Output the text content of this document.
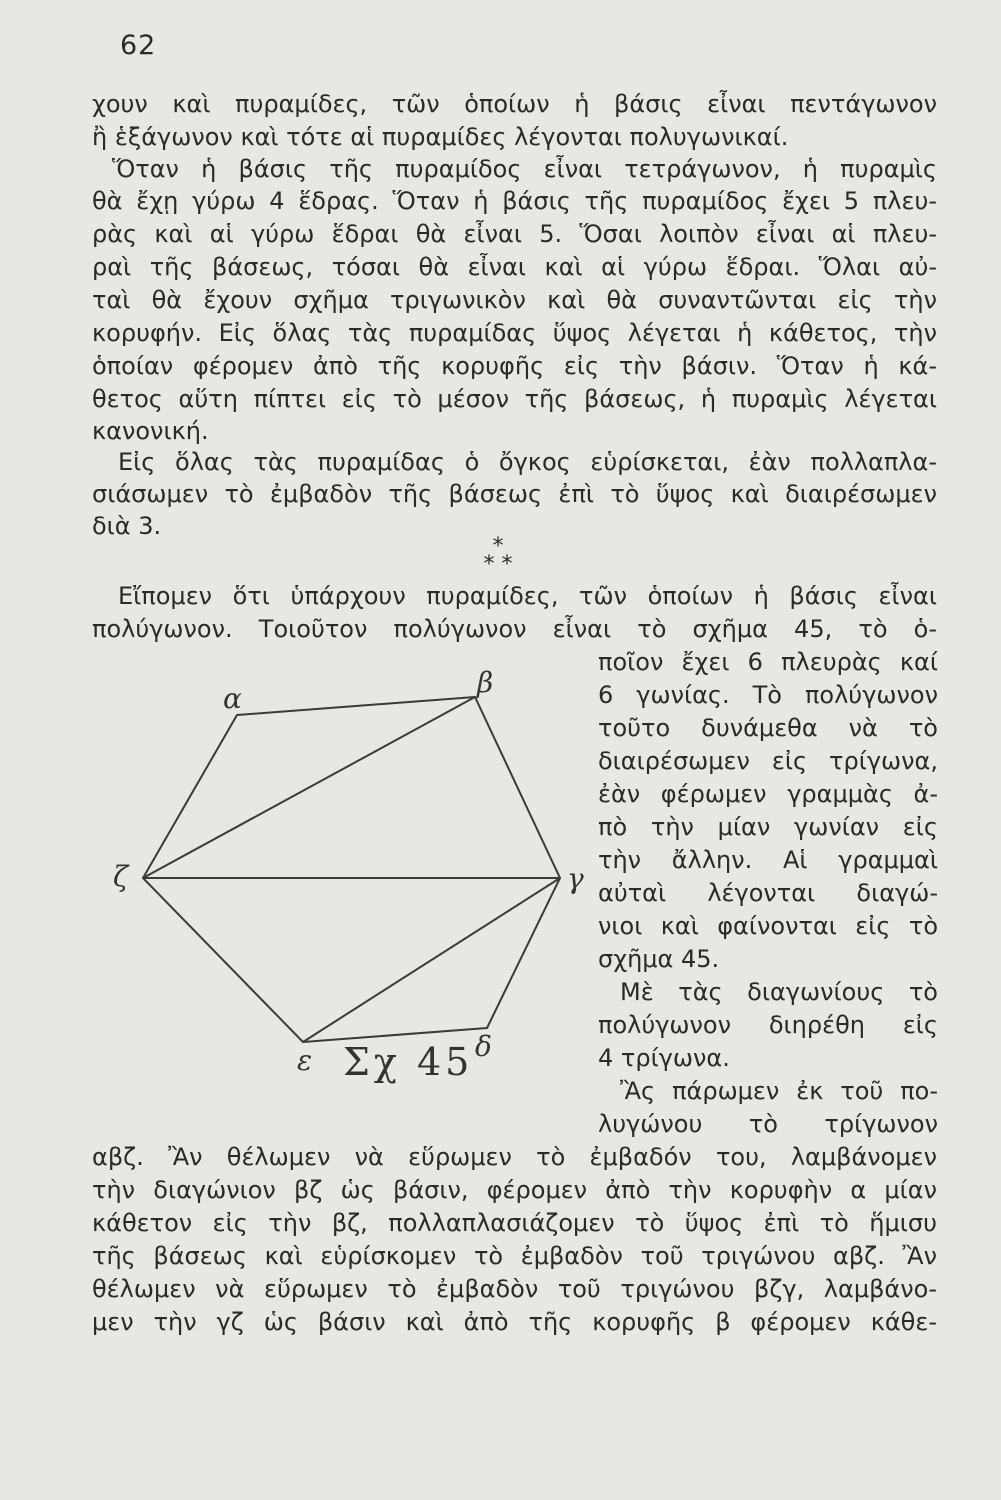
62
χουν καὶ πυραμίδες, τῶν ὁποίων ἡ βάσις εἶναι πεντάγωνον
ἢ ἑξάγωνον καὶ τότε αἱ πυραμίδες λέγονται πολυγωνικαί.
Ὅταν ἡ βάσις τῆς πυραμίδος εἶναι τετράγωνον, ἡ πυραμὶς
θὰ ἔχῃ γύρω 4 ἕδρας. Ὅταν ἡ βάσις τῆς πυραμίδος ἔχει 5 πλευ-
ρὰς καὶ αἱ γύρω ἕδραι θὰ εἶναι 5. Ὅσαι λοιπὸν εἶναι αἱ πλευ-
ραὶ τῆς βάσεως, τόσαι θὰ εἶναι καὶ αἱ γύρω ἕδραι. Ὅλαι αὐ-
ταὶ θὰ ἔχουν σχῆμα τριγωνικὸν καὶ θὰ συναντῶνται εἰς τὴν
κορυφήν. Εἰς ὅλας τὰς πυραμίδας ὕψος λέγεται ἡ κάθετος, τὴν
ὁποίαν φέρομεν ἀπὸ τῆς κορυφῆς εἰς τὴν βάσιν. Ὅταν ἡ κά-
θετος αὕτη πίπτει εἰς τὸ μέσον τῆς βάσεως, ἡ πυραμὶς λέγεται
κανονική.
Εἰς ὅλας τὰς πυραμίδας ὁ ὄγκος εὑρίσκεται, ἐὰν πολλαπλα-
σιάσωμεν τὸ ἐμβαδὸν τῆς βάσεως ἐπὶ τὸ ὕψος καὶ διαιρέσωμεν
διὰ 3.
*
* *
Εἴπομεν ὅτι ὑπάρχουν πυραμίδες, τῶν ὁποίων ἡ βάσις εἶναι
πολύγωνον. Τοιοῦτον πολύγωνον εἶναι τὸ σχῆμα 45, τὸ ὁ-
ποῖον ἔχει 6 πλευρὰς καί
6 γωνίας. Τὸ πολύγωνον
τοῦτο δυνάμεθα νὰ τὸ
διαιρέσωμεν εἰς τρίγωνα,
ἐὰν φέρωμεν γραμμὰς ἀ-
πὸ τὴν μίαν γωνίαν εἰς
τὴν ἄλλην. Αἱ γραμμαὶ
αὐταὶ λέγονται διαγώ-
νιοι καὶ φαίνονται εἰς τὸ
σχῆμα 45.
Μὲ τὰς διαγωνίους τὸ
πολύγωνον διηρέθη εἰς
4 τρίγωνα.
Ἂς πάρωμεν ἐκ τοῦ πο-
λυγώνου τὸ τρίγωνον
α	β
γ
δ
ε
ζ
Σχ 45
αβζ. Ἂν θέλωμεν νὰ εὕρωμεν τὸ ἐμβαδόν του, λαμβάνομεν
τὴν διαγώνιον βζ ὡς βάσιν, φέρομεν ἀπὸ τὴν κορυφὴν α μίαν
κάθετον εἰς τὴν βζ, πολλαπλασιάζομεν τὸ ὕψος ἐπὶ τὸ ἥμισυ
τῆς βάσεως καὶ εὑρίσκομεν τὸ ἐμβαδὸν τοῦ τριγώνου αβζ. Ἂν
θέλωμεν νὰ εὕρωμεν τὸ ἐμβαδὸν τοῦ τριγώνου βζγ, λαμβάνο-
μεν τὴν γζ ὡς βάσιν καὶ ἀπὸ τῆς κορυφῆς β φέρομεν κάθε-
